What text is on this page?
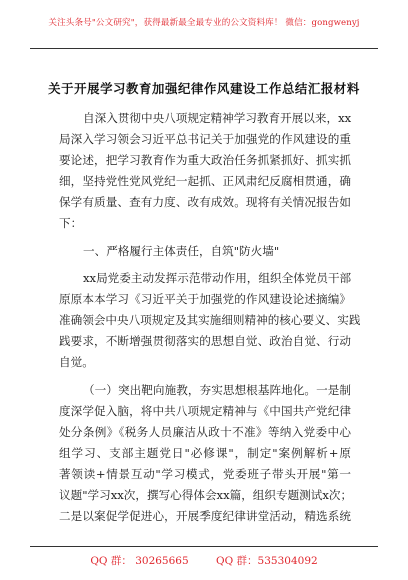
关注头条号"公文研究"，获得最新最全最专业的公文资料库！ 微信：gongwenyj
关于开展学习教育加强纪律作风建设工作总结汇报材料
自深入贯彻中央八项规定精神学习教育开展以来，xx
局深入学习领会习近平总书记关于加强党的作风建设的重
要论述，把学习教育作为重大政治任务抓紧抓好、抓实抓
细，坚持党性党风党纪一起抓、正风肃纪反腐相贯通，确
保学有质量、查有力度、改有成效。现将有关情况报告如
下：
一、严格履行主体责任，自筑"防火墙"
xx局党委主动发挥示范带动作用，组织全体党员干部
原原本本学习《习近平关于加强党的作风建设论述摘编》
准确领会中央八项规定及其实施细则精神的核心要义、实践
践要求，不断增强贯彻落实的思想自觉、政治自觉、行动
自觉。
（一）突出靶向施教，夯实思想根基阵地化。一是制
度深学促入脑，将中共八项规定精神与《中国共产党纪律
处分条例》《税务人员廉洁从政十不准》等纳入党委中心
组学习、支部主题党日"必修课"，制定"案例解析+原
著领读+情景互动"学习模式，党委班子带头开展"第一
议题"学习xx次，撰写心得体会xx篇，组织专题测试x次；
二是以案促学促进心，开展季度纪律讲堂活动，精选系统
QQ 群： 30265665	QQ 群：535304092
